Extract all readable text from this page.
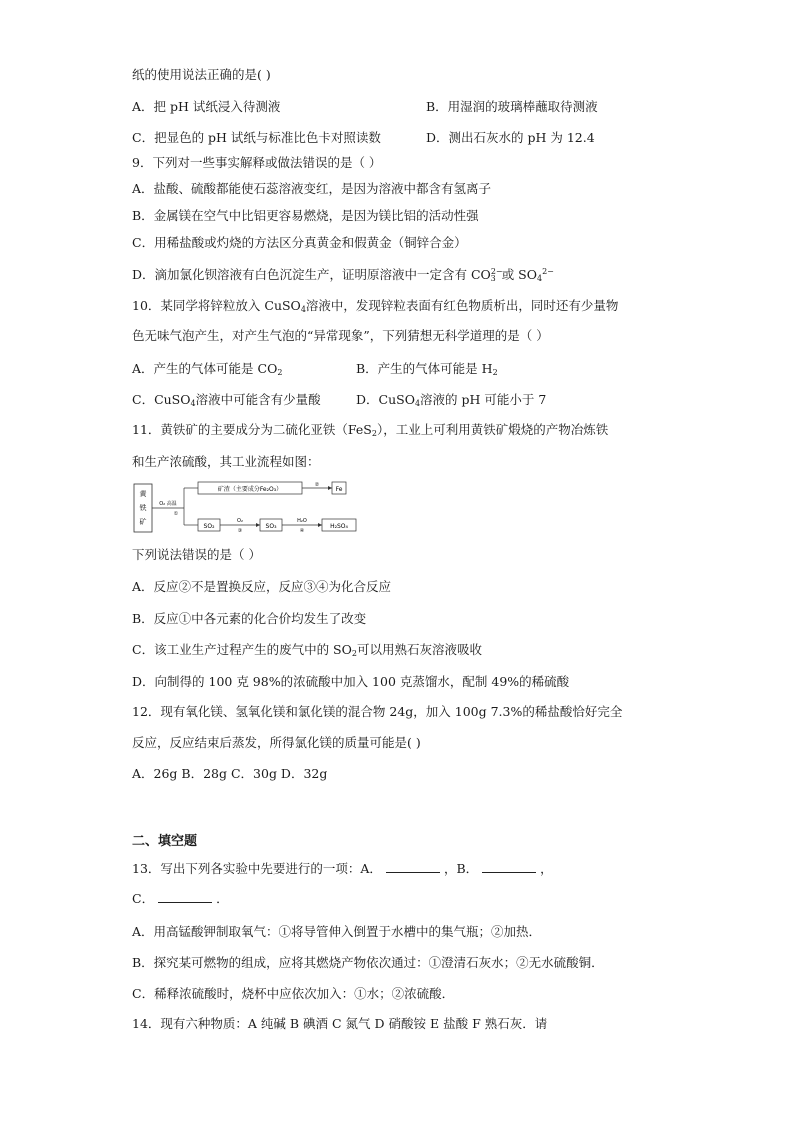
纸的使用说法正确的是( )
A．把 pH 试纸浸入待测液	B．用湿润的玻璃棒蘸取待测液
C．把显色的 pH 试纸与标准比色卡对照读数	D．测出石灰水的 pH 为 12.4
9．下列对一些事实解释或做法错误的是（ ）
A．盐酸、硫酸都能使石蕊溶液变红，是因为溶液中都含有氢离子
B．金属镁在空气中比铝更容易燃烧，是因为镁比铝的活动性强
C．用稀盐酸或灼烧的方法区分真黄金和假黄金（铜锌合金）
D．滴加氯化钡溶液有白色沉淀生产，证明原溶液中一定含有 $CO^{2-}_3$ 或 $SO_4^{2-}$
10．某同学将锌粒放入 CuSO$_4$溶液中，发现锌粒表面有红色物质析出，同时还有少量物
色无味气泡产生，对产生气泡的“异常现象”，下列猜想无科学道理的是（ ）
A．产生的气体可能是 $CO_2$	B．产生的气体可能是 $H_2$
C．CuSO$_4$溶液中可能含有少量酸	D．CuSO$_4$溶液的 pH 可能小于 7
11．黄铁矿的主要成分为二硫化亚铁（FeS$_2$），工业上可利用黄铁矿煅烧的产物冶炼铁
和生产浓硫酸，其工业流程如图：
黄
铁
矿
O₂ 高温
①
矿渣（主要成分Fe₂O₃）
②
Fe
SO₂
O₂
③
SO₃
H₂O
④
H₂SO₄
下列说法错误的是（ ）
A．反应②不是置换反应，反应③④为化合反应
B．反应①中各元素的化合价均发生了改变
C．该工业生产过程产生的废气中的 $SO_2$可以用熟石灰溶液吸收
D．向制得的 100 克 98%的浓硫酸中加入 100 克蒸馏水，配制 49%的稀硫酸
12．现有氧化镁、氢氧化镁和氯化镁的混合物 24g，加入 100g 7.3%的稀盐酸恰好完全
反应，反应结束后蒸发，所得氯化镁的质量可能是( )
A．26g B．28g C．30g D．32g
二、填空题
13．写出下列各实验中先要进行的一项：A．	，B．	，
C．	．
A．用高锰酸钾制取氧气：①将导管伸入倒置于水槽中的集气瓶；②加热．
B．探究某可燃物的组成，应将其燃烧产物依次通过：①澄清石灰水；②无水硫酸铜．
C．稀释浓硫酸时，烧杯中应依次加入：①水；②浓硫酸．
14．现有六种物质：A 纯碱 B 碘酒 C 氮气 D 硝酸铵 E 盐酸 F 熟石灰．请
